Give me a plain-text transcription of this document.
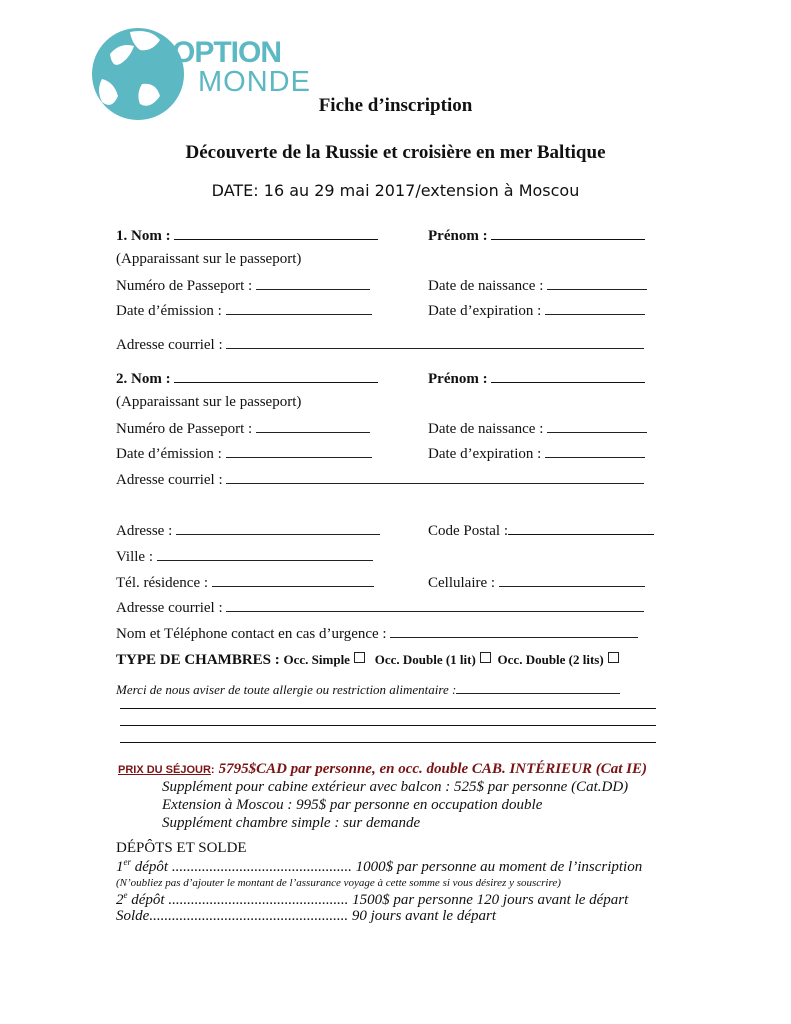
OPTION
MONDE
Fiche d’inscription
Découverte de la Russie et croisière en mer Baltique
DATE: 16 au 29 mai 2017/extension à Moscou
1. Nom :	Prénom :
(Apparaissant sur le passeport)
Numéro de Passeport :	Date de naissance :
Date d’émission :	Date d’expiration :
Adresse courriel :
2. Nom :	Prénom :
(Apparaissant sur le passeport)
Numéro de Passeport :	Date de naissance :
Date d’émission :	Date d’expiration :
Adresse courriel :
Adresse :	Code Postal :
Ville :
Tél. résidence :	Cellulaire :
Adresse courriel :
Nom et Téléphone contact en cas d’urgence :
TYPE DE CHAMBRES : Occ. Simple Occ. Double (1 lit) Occ. Double (2 lits)
Merci de nous aviser de toute allergie ou restriction alimentaire :
PRIX DU SÉJOUR: 5795$CAD par personne, en occ. double CAB. INTÉRIEUR (Cat IE)
Supplément pour cabine extérieur avec balcon : 525$ par personne (Cat.DD)
Extension à Moscou : 995$ par personne en occupation double
Supplément chambre simple : sur demande
DÉPÔTS ET SOLDE
1er dépôt ................................................ 1000$ par personne au moment de l’inscription
(N’oubliez pas d’ajouter le montant de l’assurance voyage à cette somme si vous désirez y souscrire)
2e dépôt ................................................ 1500$ par personne 120 jours avant le départ
Solde..................................................... 90 jours avant le départ
